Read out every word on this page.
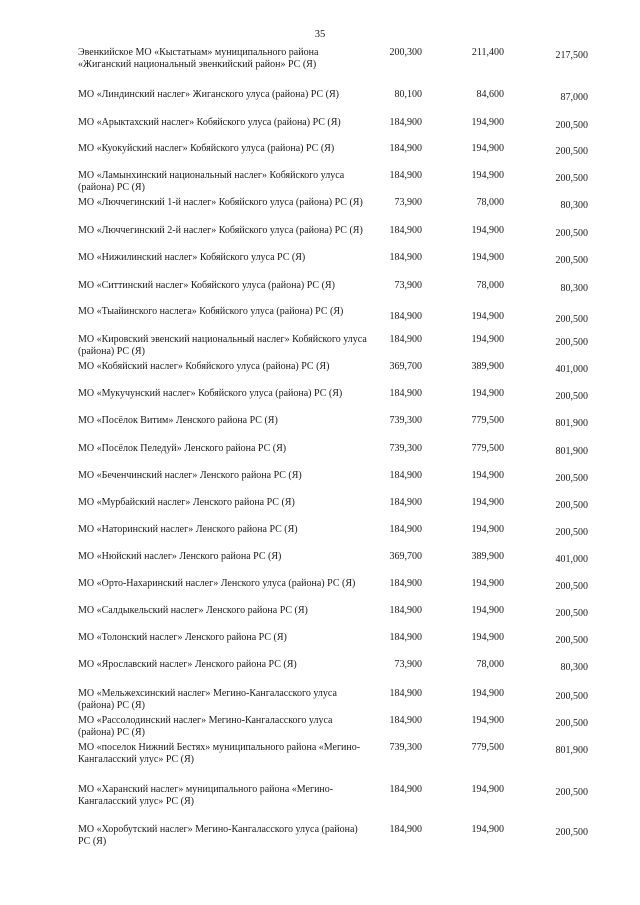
35
Эвенкийское МО «Кыстатыам» муниципального района «Жиганский национальный эвенкийский район» РС (Я)
200,300	211,400	217,500
МО «Линдинский наслег» Жиганского улуса (района) РС (Я)	80,100	84,600	87,000
МО «Арыктахский наслег» Кобяйского улуса (района) РС (Я)	184,900	194,900	200,500
МО «Куокуйский наслег» Кобяйского улуса (района) РС (Я)	184,900	194,900	200,500
МО «Ламынхинский национальный наслег» Кобяйского улуса (района) РС (Я)
184,900	194,900	200,500
МО «Люччегинский 1-й наслег» Кобяйского улуса (района) РС (Я)	73,900	78,000	80,300
МО «Люччегинский 2-й наслег» Кобяйского улуса (района) РС (Я)	184,900	194,900	200,500
МО «Нижилинский наслег» Кобяйского улуса РС (Я)	184,900	194,900	200,500
МО «Ситтинский наслег» Кобяйского улуса (района) РС (Я)	73,900	78,000	80,300
МО «Тыайинского наслега» Кобяйского улуса (района) РС (Я)	184,900	194,900	200,500
МО «Кировский эвенский национальный наслег» Кобяйского улуса (района) РС (Я)
184,900	194,900	200,500
МО «Кобяйский наслег» Кобяйского улуса (района) РС (Я)	369,700	389,900	401,000
МО «Мукучунский наслег» Кобяйского улуса (района) РС (Я)	184,900	194,900	200,500
МО «Посёлок Витим» Ленского района РС (Я)	739,300	779,500	801,900
МО «Посёлок Пеледуй» Ленского района РС (Я)	739,300	779,500	801,900
МО «Беченчинский наслег» Ленского района РС (Я)	184,900	194,900	200,500
МО «Мурбайский наслег» Ленского района РС (Я)	184,900	194,900	200,500
МО «Наторинский наслег» Ленского района РС (Я)	184,900	194,900	200,500
МО «Нюйский наслег» Ленского района РС (Я)	369,700	389,900	401,000
МО «Орто-Нахаринский наслег» Ленского улуса (района) РС (Я)	184,900	194,900	200,500
МО «Салдыкельский наслег» Ленского района РС (Я)	184,900	194,900	200,500
МО «Толонский наслег» Ленского района РС (Я)	184,900	194,900	200,500
МО «Ярославский наслег» Ленского района РС (Я)	73,900	78,000	80,300
МО «Мельжехсинский наслег» Мегино-Кангаласского улуса (района) РС (Я)
184,900	194,900	200,500
МО «Рассолодинский наслег» Мегино-Кангаласского улуса (района) РС (Я)
184,900	194,900	200,500
МО «поселок Нижний Бестях» муниципального района «Мегино-Кангаласский улус» РС (Я)
739,300	779,500	801,900
МО «Харанский наслег» муниципального района «Мегино-Кангаласский улус» РС (Я)
184,900	194,900	200,500
МО «Хоробутский наслег» Мегино-Кангаласского улуса (района) РС (Я)
184,900	194,900	200,500
